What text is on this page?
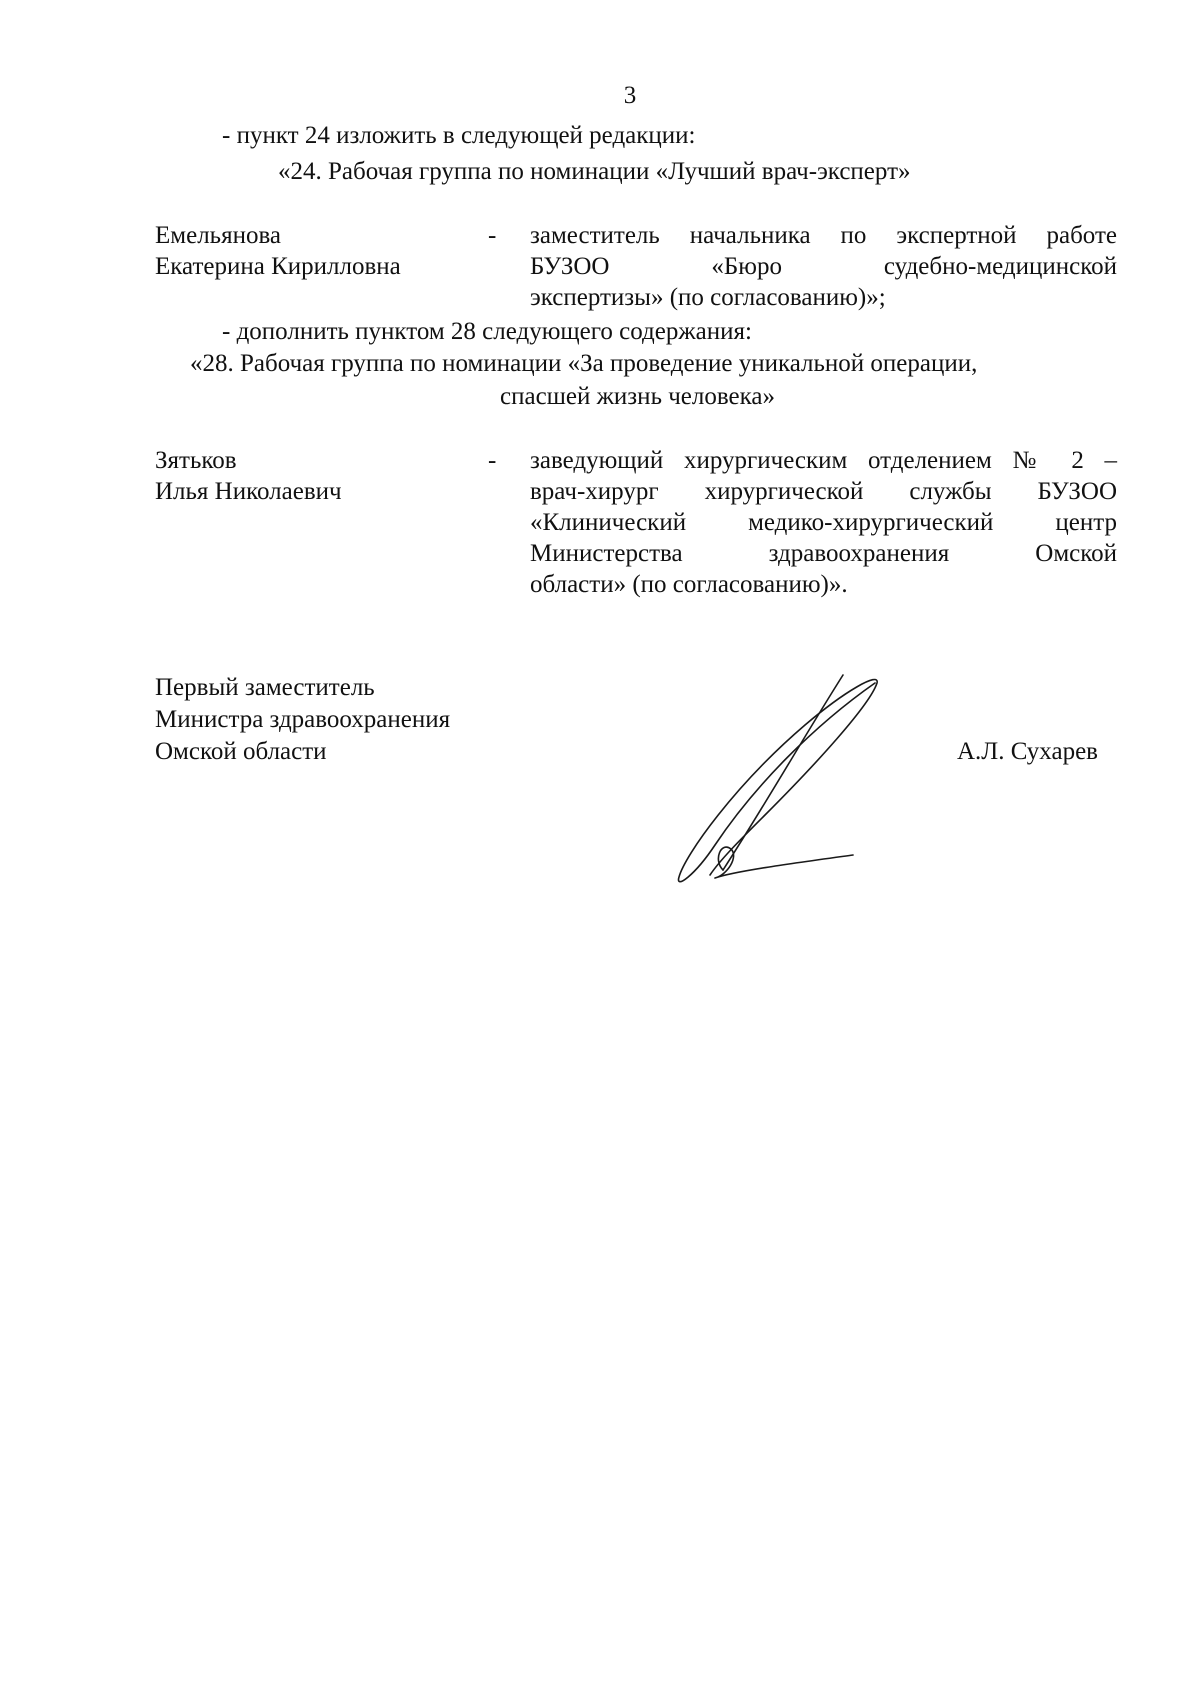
3
- пункт 24 изложить в следующей редакции:
«24. Рабочая группа по номинации «Лучший врач-эксперт»
Емельянова
Екатерина Кирилловна
- заместитель начальника по экспертной работе
БУЗОО «Бюро судебно-медицинской
экспертизы» (по согласованию)»;
- дополнить пунктом 28 следующего содержания:
«28. Рабочая группа по номинации «За проведение уникальной операции,
спасшей жизнь человека»
Зятьков
Илья Николаевич
- заведующий хирургическим отделением № 2 –
врач-хирург хирургической службы БУЗОО
«Клинический медико-хирургический центр
Министерства здравоохранения Омской
области» (по согласованию)».
Первый заместитель
Министра здравоохранения
Омской области	А.Л. Сухарев
